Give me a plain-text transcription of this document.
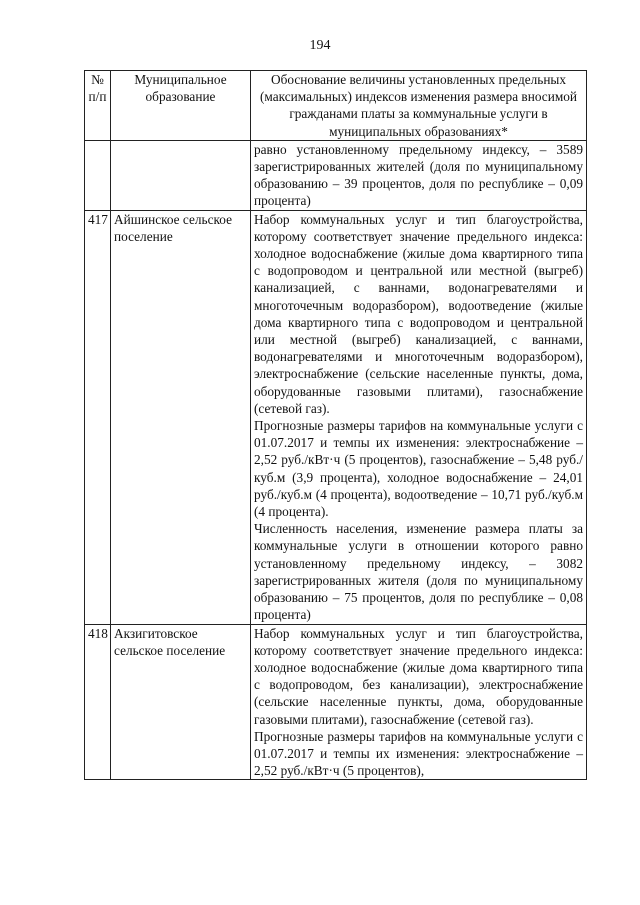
194
№ п/п	Муниципальное образование	Обоснование величины установленных предельных (максимальных) индексов изменения размера вносимой гражданами платы за коммунальные услуги в муниципальных образованиях*

		равно установленному предельному индексу, – 3589 зарегистрированных жителей (доля по муниципальному образованию – 39 процентов, доля по республике – 0,09 процента)

417	Айшинское сельское поселение	Набор коммунальных услуг и тип благоустройства, которому соответствует значение предельного индекса: холодное водоснабжение (жилые дома квартирного типа с водопроводом и центральной или местной (выгреб) канализацией, с ваннами, водонагревателями и многоточечным водоразбором), водоотведение (жилые дома квартирного типа с водопроводом и центральной или местной (выгреб) канализацией, с ваннами, водонагревателями и многоточечным водоразбором), электроснабжение (сельские населенные пункты, дома, оборудованные газовыми плитами), газоснабжение (сетевой газ).

Прогнозные размеры тарифов на коммунальные услуги с 01.07.2017 и темпы их изменения: электроснабжение – 2,52 руб./кВт·ч (5 процентов), газоснабжение – 5,48 руб./куб.м (3,9 процента), холодное водоснабжение – 24,01 руб./куб.м (4 процента), водоотведение – 10,71 руб./куб.м (4 процента).

Численность населения, изменение размера платы за коммунальные услуги в отношении которого равно установленному предельному индексу, – 3082 зарегистрированных жителя (доля по муниципальному образованию – 75 процентов, доля по республике – 0,08 процента)

418	Акзигитовское сельское поселение	Набор коммунальных услуг и тип благоустройства, которому соответствует значение предельного индекса: холодное водоснабжение (жилые дома квартирного типа с водопроводом, без канализации), электроснабжение (сельские населенные пункты, дома, оборудованные газовыми плитами), газоснабжение (сетевой газ).

Прогнозные размеры тарифов на коммунальные услуги с 01.07.2017 и темпы их изменения: электроснабжение – 2,52 руб./кВт·ч (5 процентов),
